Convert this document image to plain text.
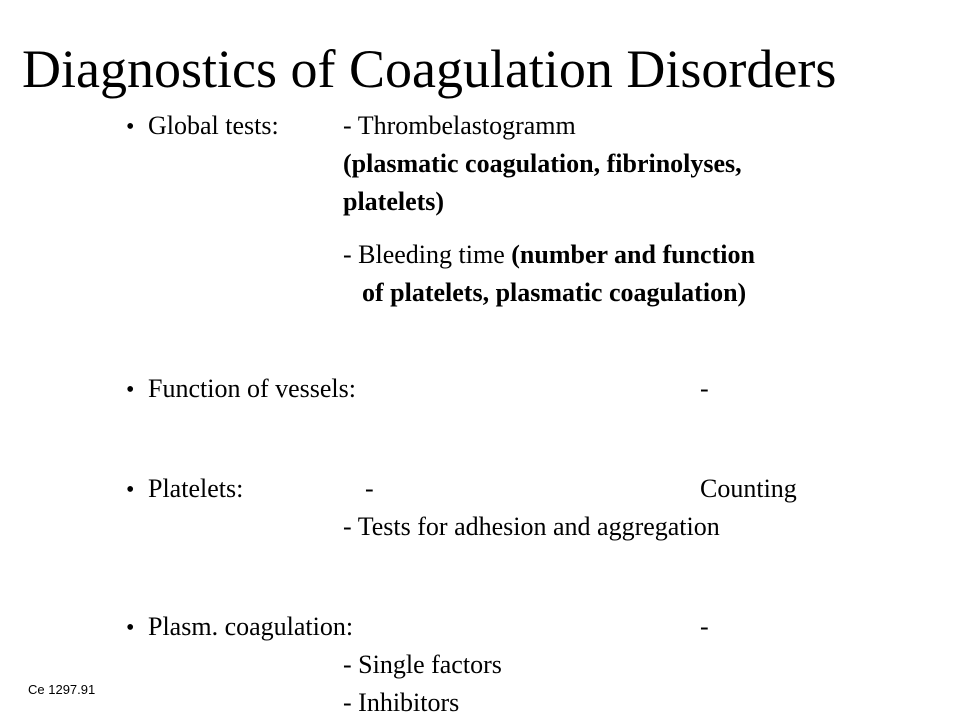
Diagnostics of Coagulation Disorders
• Global tests: - Thrombelastogramm
(plasmatic coagulation, fibrinolyses,
platelets)
- Bleeding time (number and function
of platelets, plasmatic coagulation)
• Function of vessels:	-
• Platelets:	-	Counting
- Tests for adhesion and aggregation
• Plasm. coagulation:	-
- Single factors
- Inhibitors
Ce 1297.91
